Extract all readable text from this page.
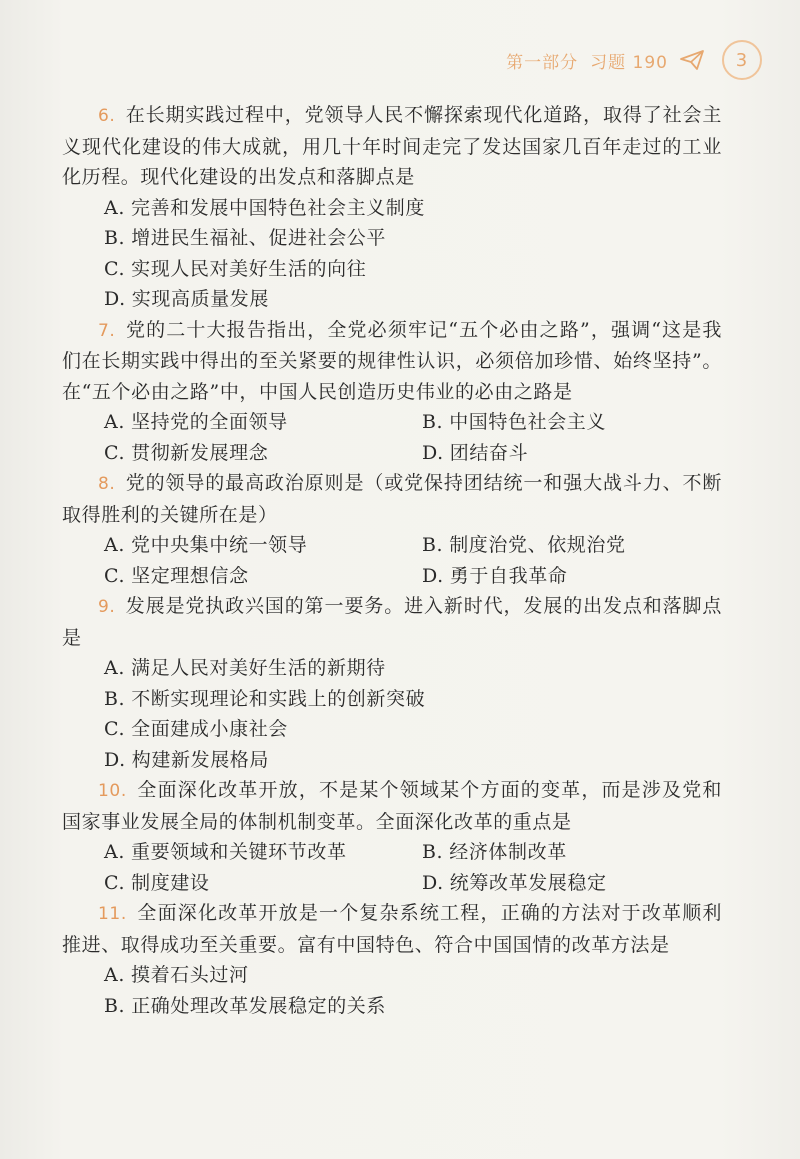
第一部分 习题 190	3
6. 在长期实践过程中，党领导人民不懈探索现代化道路，取得了社会主义现代化建设的伟大成就，用几十年时间走完了发达国家几百年走过的工业化历程。现代化建设的出发点和落脚点是
A. 完善和发展中国特色社会主义制度
B. 增进民生福祉、促进社会公平
C. 实现人民对美好生活的向往
D. 实现高质量发展
7. 党的二十大报告指出，全党必须牢记“五个必由之路”，强调“这是我们在长期实践中得出的至关紧要的规律性认识，必须倍加珍惜、始终坚持”。在“五个必由之路”中，中国人民创造历史伟业的必由之路是
A. 坚持党的全面领导	B. 中国特色社会主义
C. 贯彻新发展理念	D. 团结奋斗
8. 党的领导的最高政治原则是（或党保持团结统一和强大战斗力、不断取得胜利的关键所在是）
A. 党中央集中统一领导	B. 制度治党、依规治党
C. 坚定理想信念	D. 勇于自我革命
9. 发展是党执政兴国的第一要务。进入新时代，发展的出发点和落脚点是
A. 满足人民对美好生活的新期待
B. 不断实现理论和实践上的创新突破
C. 全面建成小康社会
D. 构建新发展格局
10. 全面深化改革开放，不是某个领域某个方面的变革，而是涉及党和国家事业发展全局的体制机制变革。全面深化改革的重点是
A. 重要领域和关键环节改革	B. 经济体制改革
C. 制度建设	D. 统筹改革发展稳定
11. 全面深化改革开放是一个复杂系统工程，正确的方法对于改革顺利推进、取得成功至关重要。富有中国特色、符合中国国情的改革方法是
A. 摸着石头过河
B. 正确处理改革发展稳定的关系
